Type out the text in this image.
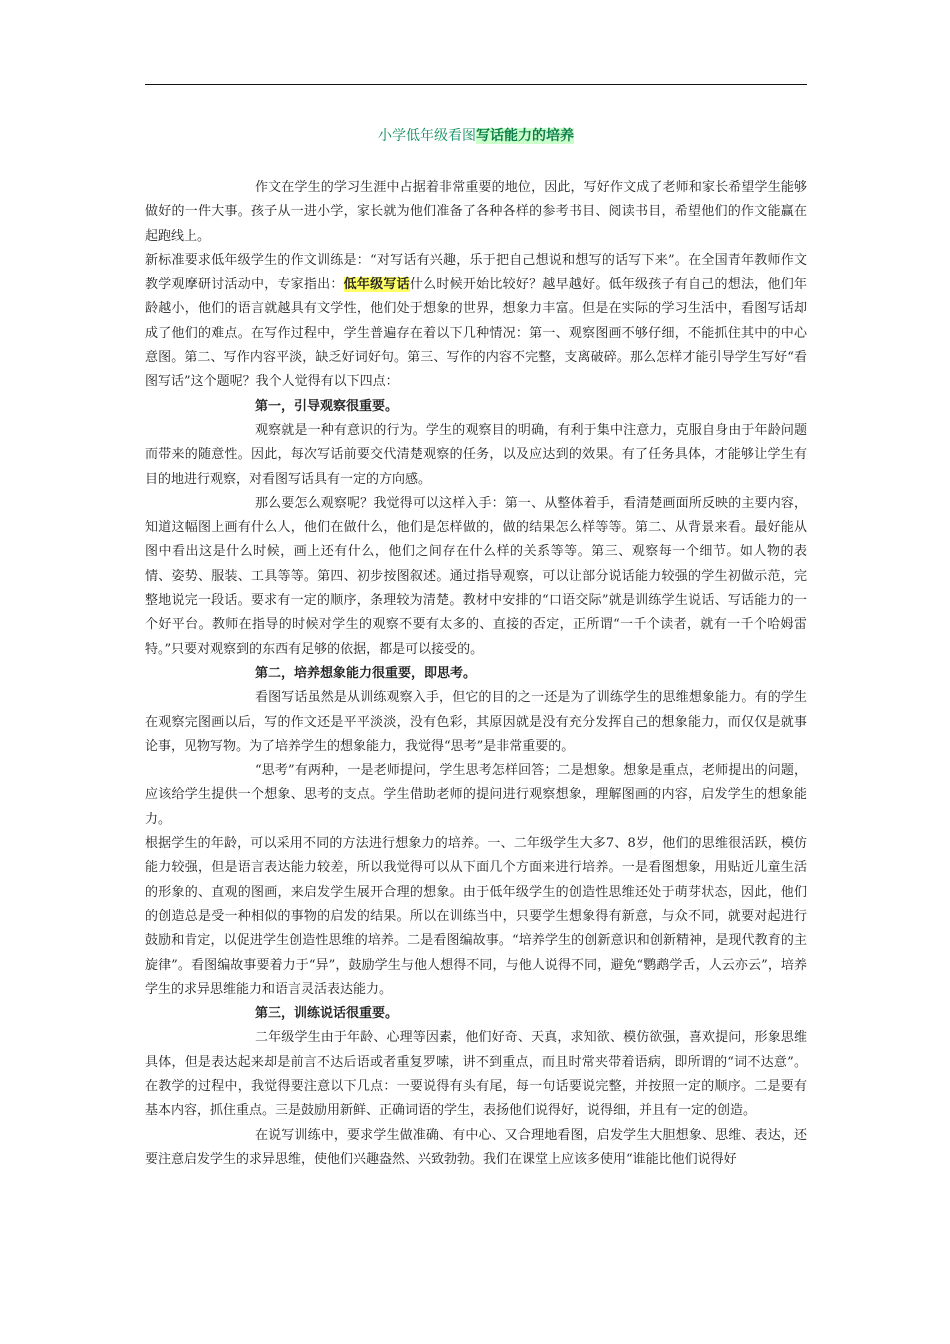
小学低年级看图写话能力的培养

作文在学生的学习生涯中占据着非常重要的地位，因此，写好作文成了老师和家长希望学生能够做好的一件大事。孩子从一进小学，家长就为他们准备了各种各样的参考书目、阅读书目，希望他们的作文能赢在起跑线上。

新标准要求低年级学生的作文训练是：“对写话有兴趣，乐于把自己想说和想写的话写下来”。在全国青年教师作文教学观摩研讨活动中，专家指出：低年级写话什么时候开始比较好？越早越好。低年级孩子有自己的想法，他们年龄越小，他们的语言就越具有文学性，他们处于想象的世界，想象力丰富。但是在实际的学习生活中，看图写话却成了他们的难点。在写作过程中，学生普遍存在着以下几种情况：第一、观察图画不够仔细，不能抓住其中的中心意图。第二、写作内容平淡，缺乏好词好句。第三、写作的内容不完整，支离破碎。那么怎样才能引导学生写好“看图写话”这个题呢？我个人觉得有以下四点：

第一，引导观察很重要。

观察就是一种有意识的行为。学生的观察目的明确，有利于集中注意力，克服自身由于年龄问题而带来的随意性。因此，每次写话前要交代清楚观察的任务，以及应达到的效果。有了任务具体，才能够让学生有目的地进行观察，对看图写话具有一定的方向感。

那么要怎么观察呢？我觉得可以这样入手：第一、从整体着手，看清楚画面所反映的主要内容，知道这幅图上画有什么人，他们在做什么，他们是怎样做的，做的结果怎么样等等。第二、从背景来看。最好能从图中看出这是什么时候，画上还有什么，他们之间存在什么样的关系等等。第三、观察每一个细节。如人物的表情、姿势、服装、工具等等。第四、初步按图叙述。通过指导观察，可以让部分说话能力较强的学生初做示范，完整地说完一段话。要求有一定的顺序，条理较为清楚。教材中安排的“口语交际”就是训练学生说话、写话能力的一个好平台。教师在指导的时候对学生的观察不要有太多的、直接的否定，正所谓“一千个读者，就有一千个哈姆雷特。”只要对观察到的东西有足够的依据，都是可以接受的。

第二，培养想象能力很重要，即思考。

看图写话虽然是从训练观察入手，但它的目的之一还是为了训练学生的思维想象能力。有的学生在观察完图画以后，写的作文还是平平淡淡，没有色彩，其原因就是没有充分发挥自己的想象能力，而仅仅是就事论事，见物写物。为了培养学生的想象能力，我觉得“思考”是非常重要的。

“思考”有两种，一是老师提问，学生思考怎样回答；二是想象。想象是重点，老师提出的问题，应该给学生提供一个想象、思考的支点。学生借助老师的提问进行观察想象，理解图画的内容，启发学生的想象能力。

根据学生的年龄，可以采用不同的方法进行想象力的培养。一、二年级学生大多7、8岁，他们的思维很活跃，模仿能力较强，但是语言表达能力较差，所以我觉得可以从下面几个方面来进行培养。一是看图想象，用贴近儿童生活的形象的、直观的图画，来启发学生展开合理的想象。由于低年级学生的创造性思维还处于萌芽状态，因此，他们的创造总是受一种相似的事物的启发的结果。所以在训练当中，只要学生想象得有新意，与众不同，就要对起进行鼓励和肯定，以促进学生创造性思维的培养。二是看图编故事。“培养学生的创新意识和创新精神，是现代教育的主旋律”。看图编故事要着力于“异”，鼓励学生与他人想得不同，与他人说得不同，避免“鹦鹉学舌，人云亦云”，培养学生的求异思维能力和语言灵活表达能力。

第三，训练说话很重要。

二年级学生由于年龄、心理等因素，他们好奇、天真，求知欲、模仿欲强，喜欢提问，形象思维具体，但是表达起来却是前言不达后语或者重复罗嗦，讲不到重点，而且时常夹带着语病，即所谓的“词不达意”。在教学的过程中，我觉得要注意以下几点：一要说得有头有尾，每一句话要说完整，并按照一定的顺序。二是要有基本内容，抓住重点。三是鼓励用新鲜、正确词语的学生，表扬他们说得好，说得细，并且有一定的创造。

在说写训练中，要求学生做准确、有中心、又合理地看图，启发学生大胆想象、思维、表达，还要注意启发学生的求异思维，使他们兴趣盎然、兴致勃勃。我们在课堂上应该多使用“谁能比他们说得好
